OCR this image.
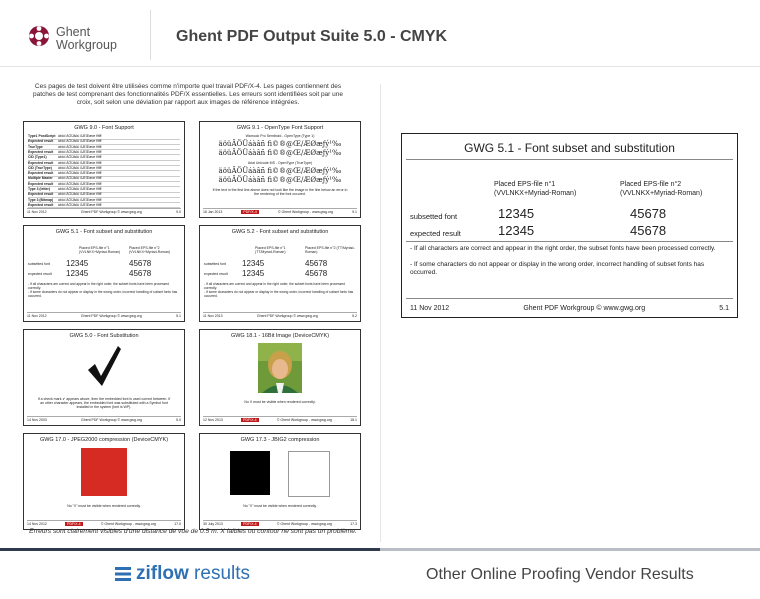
Ghent
Workgroup	Ghent PDF Output Suite 5.0 - CMYK
Ces pages de test doivent être utilisées comme n'importe quel travail PDF/X-4. Les pages contiennent des patches de test comprenant des fonctionnalités PDF/X essentielles. Les erreurs sont identifiées soit par une croix, soit selon une déviation par rapport aux images de référence intégrées.
GWG 9.0 - Font Support
Type1 PostScript ábčd ÄÖÜäöü ßÆŒæœ fiflff
Expected result ábčd ÄÖÜäöü ßÆŒæœ fiflff
TrueType	ábčd ÄÖÜäöü ßÆŒæœ fiflff
Expected result ábčd ÄÖÜäöü ßÆŒæœ fiflff
CID (Type1)	ábčd ÄÖÜäöü ßÆŒæœ fiflff
Expected result ábčd ÄÖÜäöü ßÆŒæœ fiflff
CID (TrueType) ábčd ÄÖÜäöü ßÆŒæœ fiflff
Expected result ábčd ÄÖÜäöü ßÆŒæœ fiflff
Multiple Master ábčd ÄÖÜäöü ßÆŒæœ fiflff
Expected result ábčd ÄÖÜäöü ßÆŒæœ fiflff
Type 3 (letter) ábčd ÄÖÜäöü ßÆŒæœ fiflff
Expected result ábčd ÄÖÜäöü ßÆŒæœ fiflff
Type 3 (Bitmap) ábčd ÄÖÜäöü ßÆŒæœ fiflff
Expected result ábčd ÄÖÜäöü ßÆŒæœ fiflff
11 Nov 2012	Ghent PDF Workgroup © www.gwg.org	9.0
GWG 9.1 - OpenType Font Support
Warnock Pro Semibold - OpenType (Type 1)
äöüÄÖÜáàâñ ﬁ©®@Œ/ÆØæƒý¹‰
äöüÄÖÜáàâñ ﬁ©®@Œ/ÆØæƒý¹‰
Arial Unicode MS - OpenType (TrueType)
äöüÄÖÜáàâñ ﬁ©®@Œ/ÆØæƒý¹‰
äöüÄÖÜáàâñ ﬁ©®@Œ/ÆØæƒý¹‰
If the text in the first line above does not look like the image in the line below an error in the rendering of the font occured.
16 Jan 2013	PDF/X-4	© Ghent Workgroup - www.gwg.org	9.1
GWG 5.1 - Font subset and substitution
Placed EPS-file n°1 (VVLNKX+Myriad-Roman)
Placed EPS-file n°2 (VVLNKX+Myriad-Roman)
subsetted font 12345	45678
expected result 12345	45678
- If all characters are correct and appear in the right order, the subset fonts have been processed correctly.
- If some characters do not appear or display in the wrong order, incorrect handling of subset fonts has occurred.
11 Nov 2012	Ghent PDF Workgroup © www.gwg.org	5.1
GWG 5.2 - Font subset and substitution
Placed EPS-file n°1 (TT/Myriad-Roman)
Placed EPS-file n°2 (TT/Myriad-Roman)
subsetted font 12345	45678
expected result 12345	45678
- If all characters are correct and appear in the right order, the subset fonts have been processed correctly.
- If some characters do not appear or display in the wrong order, incorrect handling of subset fonts has occurred.
11 Nov 2013	Ghent PDF Workgroup © www.gwg.org	5.2
GWG 5.0 - Font Substitution
If a check mark ✔ appears above, then the embedded font is used correct between. If an other character appears, the embedded font was substituted with a Symbol font installed in the system (font is WP).
14 Nov 2003	Ghent PDF Workgroup © www.gwg.org	5.0
GWG 18.1 - 16Bit Image (DeviceCMYK)
No X must be visible when rendered correctly.
12 Nov 2013	PDF/X-4	© Ghent Workgroup - www.gwg.org	18.1
GWG 17.0 - JPEG2000 compression (DeviceCMYK)
No "X" must be visible when rendered correctly.
14 Nov 2012	PDF/X-4	© Ghent Workgroup - www.gwg.org	17.0
GWG 17.3 - JBIG2 compression
No "X" must be visible when rendered correctly.
30 July 2013	PDF/X-4	© Ghent Workgroup - www.gwg.org	17.3
Erreurs sont clairement visibles d'une distance de vue de 0.5 m. X faibles ou contour ne sont pas un problème.
GWG 5.1 - Font subset and substitution
Placed EPS-file n°1
(VVLNKX+Myriad-Roman)
Placed EPS-file n°2
(VVLNKX+Myriad-Roman)
subsetted font	12345	45678
expected result	12345	45678
- If all characters are correct and appear in the right order, the subset fonts have been processed correctly.
- If some characters do not appear or display in the wrong order, incorrect handling of subset fonts has occurred.
11 Nov 2012	Ghent PDF Workgroup © www.gwg.org	5.1
ziflow results	Other Online Proofing Vendor Results
